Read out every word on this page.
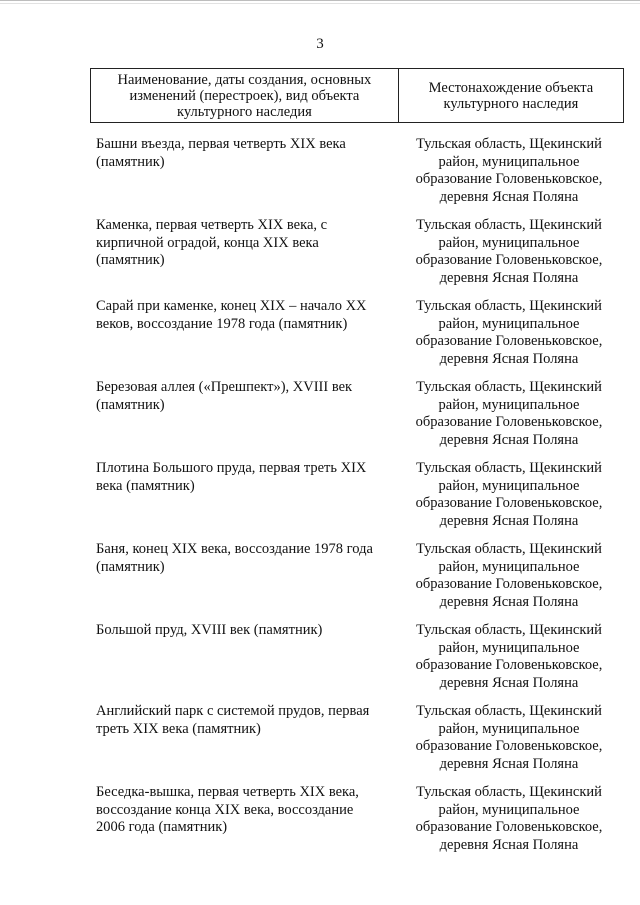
3
Наименование, даты создания, основных
изменений (перестроек), вид объекта
культурного наследия
Местонахождение объекта
культурного наследия
Башни въезда, первая четверть XIX века
(памятник)
Тульская область, Щекинский
район, муниципальное
образование Головеньковское,
деревня Ясная Поляна
Каменка, первая четверть XIX века, с
кирпичной оградой, конца XIX века
(памятник)
Тульская область, Щекинский
район, муниципальное
образование Головеньковское,
деревня Ясная Поляна
Сарай при каменке, конец XIX – начало XX
веков, воссоздание 1978 года (памятник)
Тульская область, Щекинский
район, муниципальное
образование Головеньковское,
деревня Ясная Поляна
Березовая аллея («Прешпект»), XVIII век
(памятник)
Тульская область, Щекинский
район, муниципальное
образование Головеньковское,
деревня Ясная Поляна
Плотина Большого пруда, первая треть XIX
века (памятник)
Тульская область, Щекинский
район, муниципальное
образование Головеньковское,
деревня Ясная Поляна
Баня, конец XIX века, воссоздание 1978 года
(памятник)
Тульская область, Щекинский
район, муниципальное
образование Головеньковское,
деревня Ясная Поляна
Большой пруд, XVIII век (памятник)	Тульская область, Щекинский
район, муниципальное
образование Головеньковское,
деревня Ясная Поляна
Английский парк с системой прудов, первая
треть XIX века (памятник)
Тульская область, Щекинский
район, муниципальное
образование Головеньковское,
деревня Ясная Поляна
Беседка-вышка, первая четверть XIX века,
воссоздание конца XIX века, воссоздание
2006 года (памятник)
Тульская область, Щекинский
район, муниципальное
образование Головеньковское,
деревня Ясная Поляна
